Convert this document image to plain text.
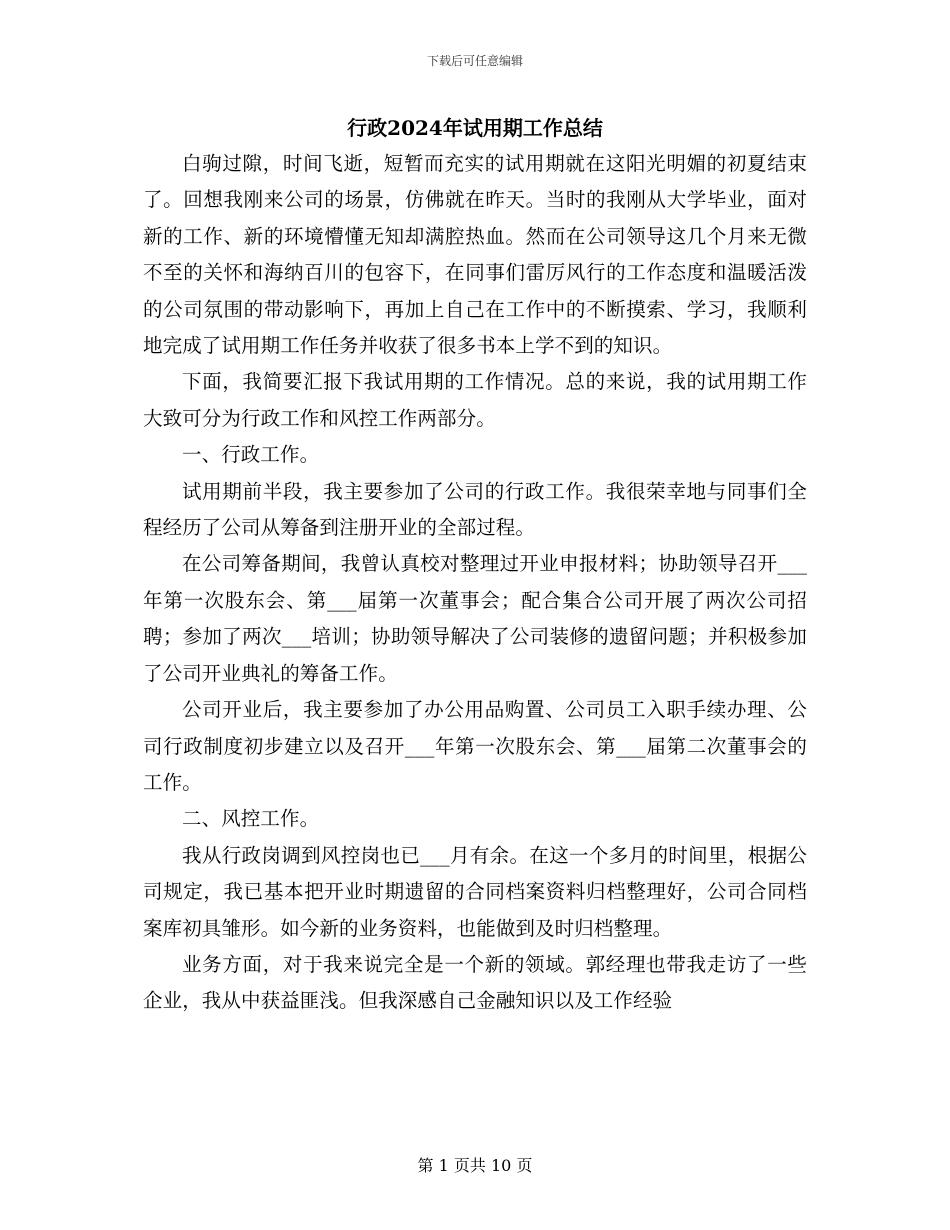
下载后可任意编辑
行政2024年试用期工作总结

白驹过隙，时间飞逝，短暂而充实的试用期就在这阳光明媚的初夏结束了。回想我刚来公司的场景，仿佛就在昨天。当时的我刚从大学毕业，面对新的工作、新的环境懵懂无知却满腔热血。然而在公司领导这几个月来无微不至的关怀和海纳百川的包容下，在同事们雷厉风行的工作态度和温暖活泼的公司氛围的带动影响下，再加上自己在工作中的不断摸索、学习，我顺利地完成了试用期工作任务并收获了很多书本上学不到的知识。

下面，我简要汇报下我试用期的工作情况。总的来说，我的试用期工作大致可分为行政工作和风控工作两部分。

一、行政工作。

试用期前半段，我主要参加了公司的行政工作。我很荣幸地与同事们全程经历了公司从筹备到注册开业的全部过程。

在公司筹备期间，我曾认真校对整理过开业申报材料；协助领导召开___年第一次股东会、第___届第一次董事会；配合集合公司开展了两次公司招聘；参加了两次___培训；协助领导解决了公司装修的遗留问题；并积极参加了公司开业典礼的筹备工作。

公司开业后，我主要参加了办公用品购置、公司员工入职手续办理、公司行政制度初步建立以及召开___年第一次股东会、第___届第二次董事会的工作。

二、风控工作。

我从行政岗调到风控岗也已___月有余。在这一个多月的时间里，根据公司规定，我已基本把开业时期遗留的合同档案资料归档整理好，公司合同档案库初具雏形。如今新的业务资料，也能做到及时归档整理。

业务方面，对于我来说完全是一个新的领域。郭经理也带我走访了一些企业，我从中获益匪浅。但我深感自己金融知识以及工作经验

第 1 页共 10 页
